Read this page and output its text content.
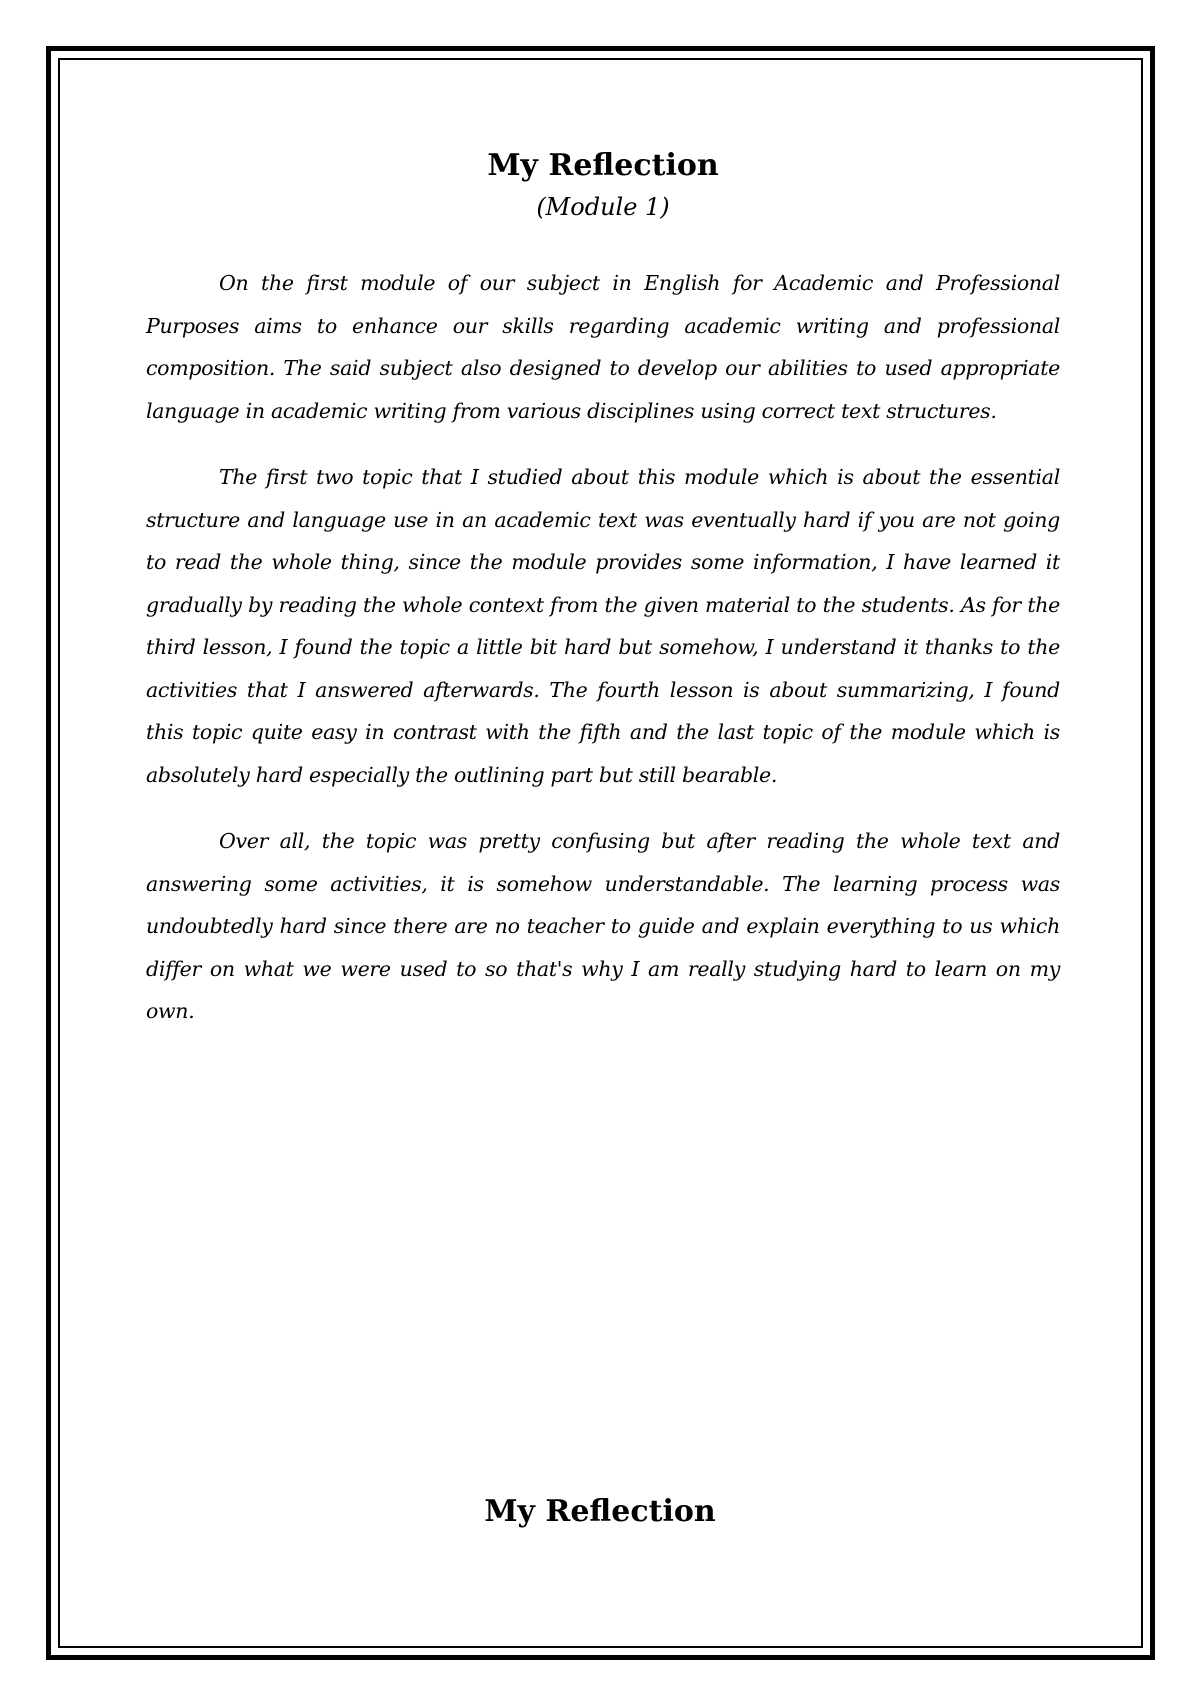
My Reflection

(Module 1)

On the first module of our subject in English for Academic and Professional Purposes aims to enhance our skills regarding academic writing and professional composition. The said subject also designed to develop our abilities to used appropriate language in academic writing from various disciplines using correct text structures.

The first two topic that I studied about this module which is about the essential structure and language use in an academic text was eventually hard if you are not going to read the whole thing, since the module provides some information, I have learned it gradually by reading the whole context from the given material to the students. As for the third lesson, I found the topic a little bit hard but somehow, I understand it thanks to the activities that I answered afterwards. The fourth lesson is about summarizing, I found this topic quite easy in contrast with the fifth and the last topic of the module which is absolutely hard especially the outlining part but still bearable.

Over all, the topic was pretty confusing but after reading the whole text and answering some activities, it is somehow understandable. The learning process was undoubtedly hard since there are no teacher to guide and explain everything to us which differ on what we were used to so that's why I am really studying hard to learn on my own.

My Reflection
